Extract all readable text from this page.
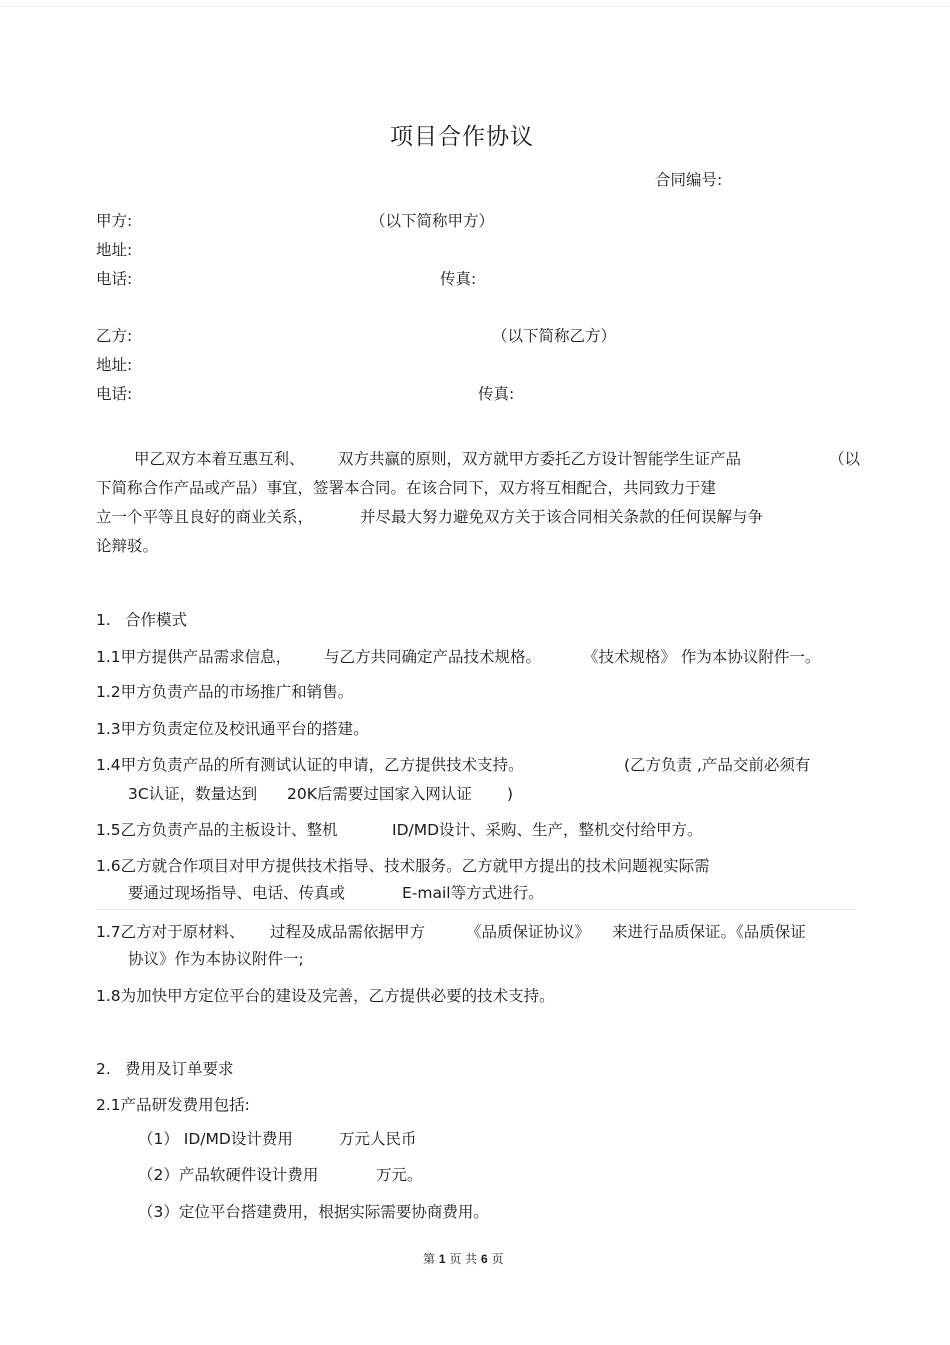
项目合作协议
合同编号:
甲方:	（以下简称甲方）
地址:
电话:	传真:
乙方:	（以下简称乙方）
地址:
电话:	传真:
甲乙双方本着互惠互利、 双方共赢的原则，双方就甲方委托乙方设计智能学生证产品	（以
下简称合作产品或产品）事宜，签署本合同。在该合同下，双方将互相配合，共同致力于建
立一个平等且良好的商业关系，	并尽最大努力避免双方关于该合同相关条款的任何误解与争
论辩驳。
1. 合作模式
1.1甲方提供产品需求信息， 与乙方共同确定产品技术规格。	《技术规格》 作为本协议附件一。
1.2甲方负责产品的市场推广和销售。
1.3甲方负责定位及校讯通平台的搭建。
1.4甲方负责产品的所有测试认证的申请，乙方提供技术支持。	(乙方负责 ,产品交前必须有
3C认证，数量达到 20K后需要过国家入网认证 )
1.5乙方负责产品的主板设计、整机	ID/MD设计、采购、生产，整机交付给甲方。
1.6乙方就合作项目对甲方提供技术指导、技术服务。乙方就甲方提出的技术问题视实际需
要通过现场指导、电话、传真或	E-mail等方式进行。
1.7乙方对于原材料、 过程及成品需依据甲方	《品质保证协议》 来进行品质保证。《品质保证
协议》作为本协议附件一;
1.8为加快甲方定位平台的建设及完善，乙方提供必要的技术支持。
2. 费用及订单要求
2.1产品研发费用包括:
（1） ID/MD设计费用	万元人民币
（2）产品软硬件设计费用	万元。
（3）定位平台搭建费用，根据实际需要协商费用。
第 1 页 共 6 页
